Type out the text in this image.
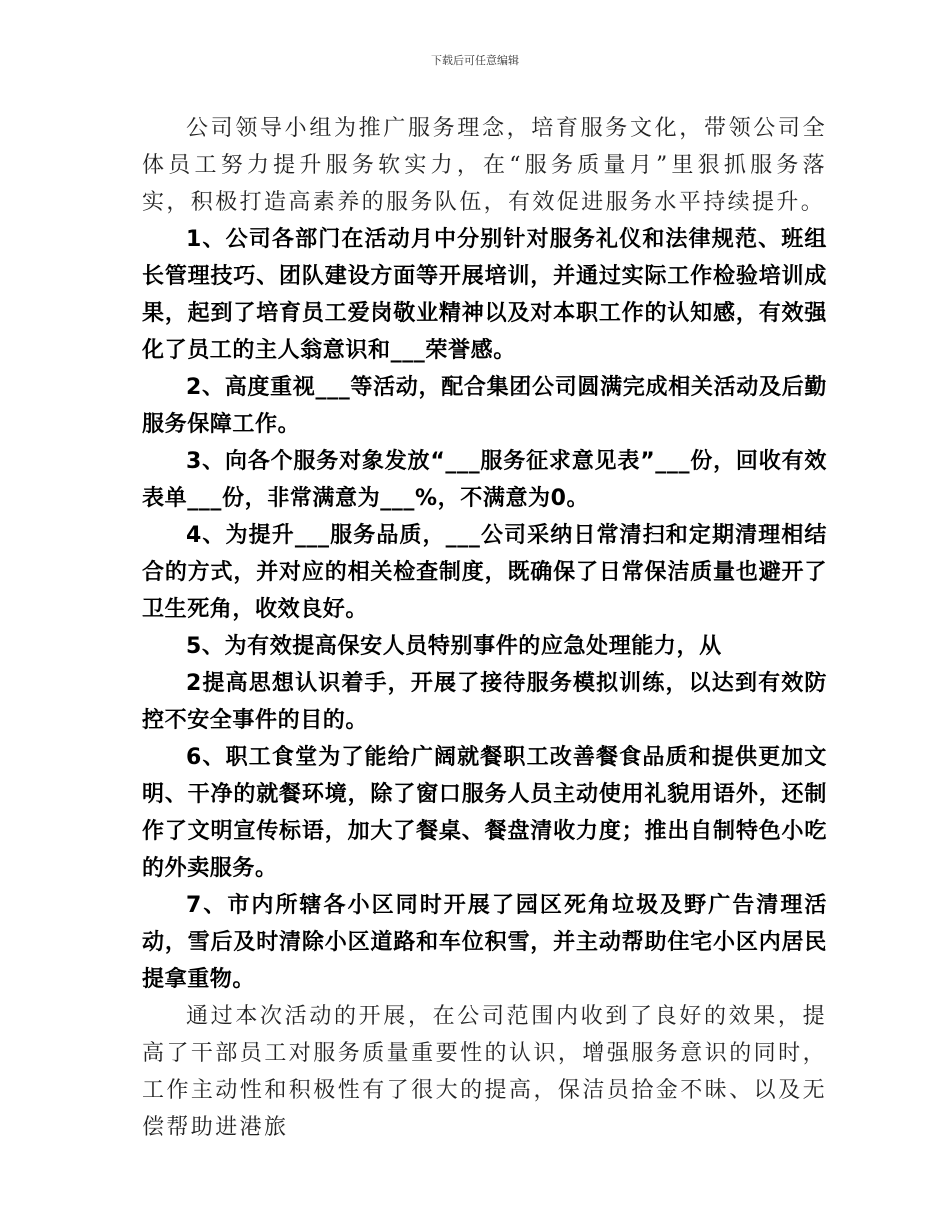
下载后可任意编辑

公司领导小组为推广服务理念，培育服务文化，带领公司全体员工努力提升服务软实力，在“服务质量月”里狠抓服务落实，积极打造高素养的服务队伍，有效促进服务水平持续提升。

1、公司各部门在活动月中分别针对服务礼仪和法律规范、班组长管理技巧、团队建设方面等开展培训，并通过实际工作检验培训成果，起到了培育员工爱岗敬业精神以及对本职工作的认知感，有效强化了员工的主人翁意识和___荣誉感。

2、高度重视___等活动，配合集团公司圆满完成相关活动及后勤服务保障工作。

3、向各个服务对象发放“___服务征求意见表”___份，回收有效表单___份，非常满意为___%，不满意为0。

4、为提升___服务品质，___公司采纳日常清扫和定期清理相结合的方式，并对应的相关检查制度，既确保了日常保洁质量也避开了卫生死角，收效良好。

5、为有效提高保安人员特别事件的应急处理能力，从

2提高思想认识着手，开展了接待服务模拟训练，以达到有效防控不安全事件的目的。

6、职工食堂为了能给广阔就餐职工改善餐食品质和提供更加文明、干净的就餐环境，除了窗口服务人员主动使用礼貌用语外，还制作了文明宣传标语，加大了餐桌、餐盘清收力度；推出自制特色小吃的外卖服务。

7、市内所辖各小区同时开展了园区死角垃圾及野广告清理活动，雪后及时清除小区道路和车位积雪，并主动帮助住宅小区内居民提拿重物。

通过本次活动的开展，在公司范围内收到了良好的效果，提高了干部员工对服务质量重要性的认识，增强服务意识的同时，工作主动性和积极性有了很大的提高，保洁员拾金不昧、以及无偿帮助进港旅
